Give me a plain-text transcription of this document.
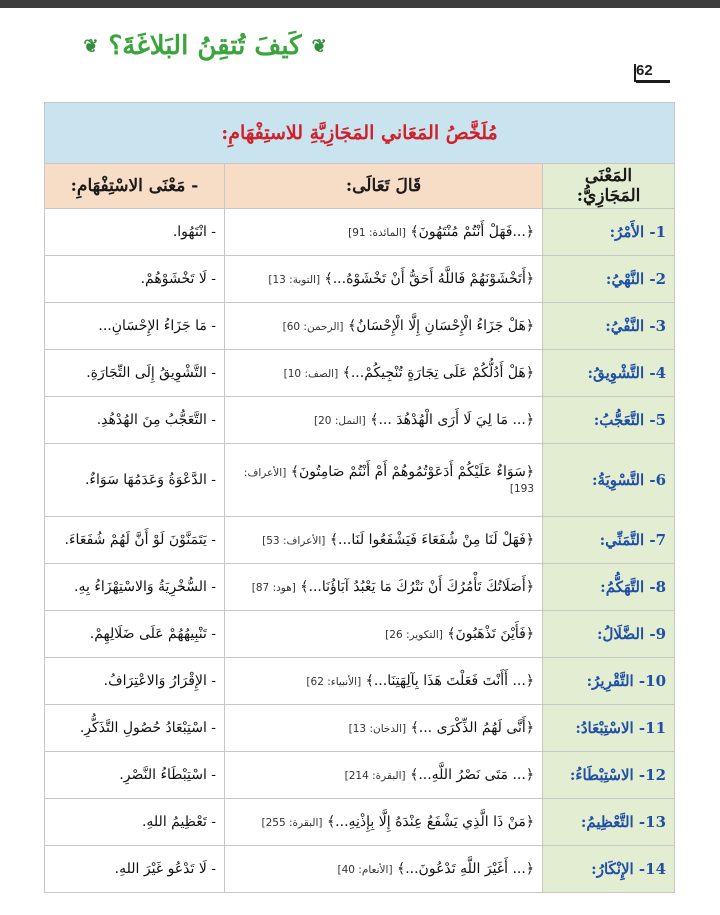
❦
كَيفَ تُتقِنُ البَلاغَةَ؟
❦
62
مُلَخَّصُ المَعَاني المَجَازِيَّةِ للاستِفْهَامِ:		
المَعْنَى المَجَازِيُّ:	قَالَ تَعَالَى:	- مَعْنَى الاسْتِفْهَامِ:
1- الأَمْرُ:	﴿...فَهَلْ أَنْتُمْ مُنْتَهُونَ﴾ [المائدة: 91]	- انْتَهُوا.
2- النَّهْيُ:	﴿أَتَخْشَوْنَهُمْ فَاللَّهُ أَحَقُّ أَنْ تَخْشَوْهُ...﴾ [التوبة: 13]	- لَا تَخْشَوْهُمْ.
3- النَّفْيُ:	﴿هَلْ جَزَاءُ الْإِحْسَانِ إِلَّا الْإِحْسَانُ﴾ [الرحمن: 60]	- مَا جَزَاءُ الإِحْسَانِ...
4- التَّشْوِيقُ:	﴿هَلْ أَدُلُّكُمْ عَلَى تِجَارَةٍ تُنْجِيكُمْ...﴾ [الصف: 10]	- التَّشْوِيقُ إِلَى التِّجَارَةِ.
5- التَّعَجُّبُ:	﴿... مَا لِيَ لَا أَرَى الْهُدْهُدَ ...﴾ [النمل: 20]	- التَّعَجُّبُ مِنَ الهُدْهُدِ.
6- التَّسْوِيَةُ:	﴿سَوَاءٌ عَلَيْكُمْ أَدَعَوْتُمُوهُمْ أَمْ أَنْتُمْ صَامِتُونَ﴾ [الأعراف: 193]	- الدَّعْوَةُ وَعَدَمُهَا سَوَاءٌ.
7- التَّمَنِّي:	﴿فَهَلْ لَنَا مِنْ شُفَعَاءَ فَيَشْفَعُوا لَنَا...﴾ [الأعراف: 53]	- يَتَمَنَّوْنَ لَوْ أَنَّ لَهُمْ شُفَعَاءَ.
8- التَّهَكُّمُ:	﴿أَصَلَاتُكَ تَأْمُرُكَ أَنْ نَتْرُكَ مَا يَعْبُدُ آبَاؤُنَا...﴾ [هود: 87]	- السُّخْرِيَةُ وَالاسْتِهْزَاءُ بِهِ.
9- الضَّلَالُ:	﴿فَأَيْنَ تَذْهَبُونَ﴾ [التكوير: 26]	- تَنْبِيهُهُمْ عَلَى ضَلَالِهِمْ.
10- التَّقْرِيرُ:	﴿... أَأَنْتَ فَعَلْتَ هَذَا بِآلِهَتِنَا...﴾ [الأنبياء: 62]	- الإِقْرَارُ وَالاعْتِرَافُ.
11- الاسْتِبْعَادُ:	﴿أَنَّى لَهُمُ الذِّكْرَى ...﴾ [الدخان: 13]	- اسْتِبْعَادُ حُصُولِ التَّذَكُّرِ.
12- الاسْتِبْطَاءُ:	﴿... مَتَى نَصْرُ اللَّهِ...﴾ [البقرة: 214]	- اسْتِبْطَاءُ النَّصْرِ.
13- التَّعْظِيمُ:	﴿مَنْ ذَا الَّذِي يَشْفَعُ عِنْدَهُ إِلَّا بِإِذْنِهِ...﴾ [البقرة: 255]	- تَعْظِيمُ اللهِ.
14- الإِنْكَارُ:	﴿... أَغَيْرَ اللَّهِ تَدْعُونَ...﴾ [الأنعام: 40]	- لَا تَدْعُو غَيْرَ اللهِ.
